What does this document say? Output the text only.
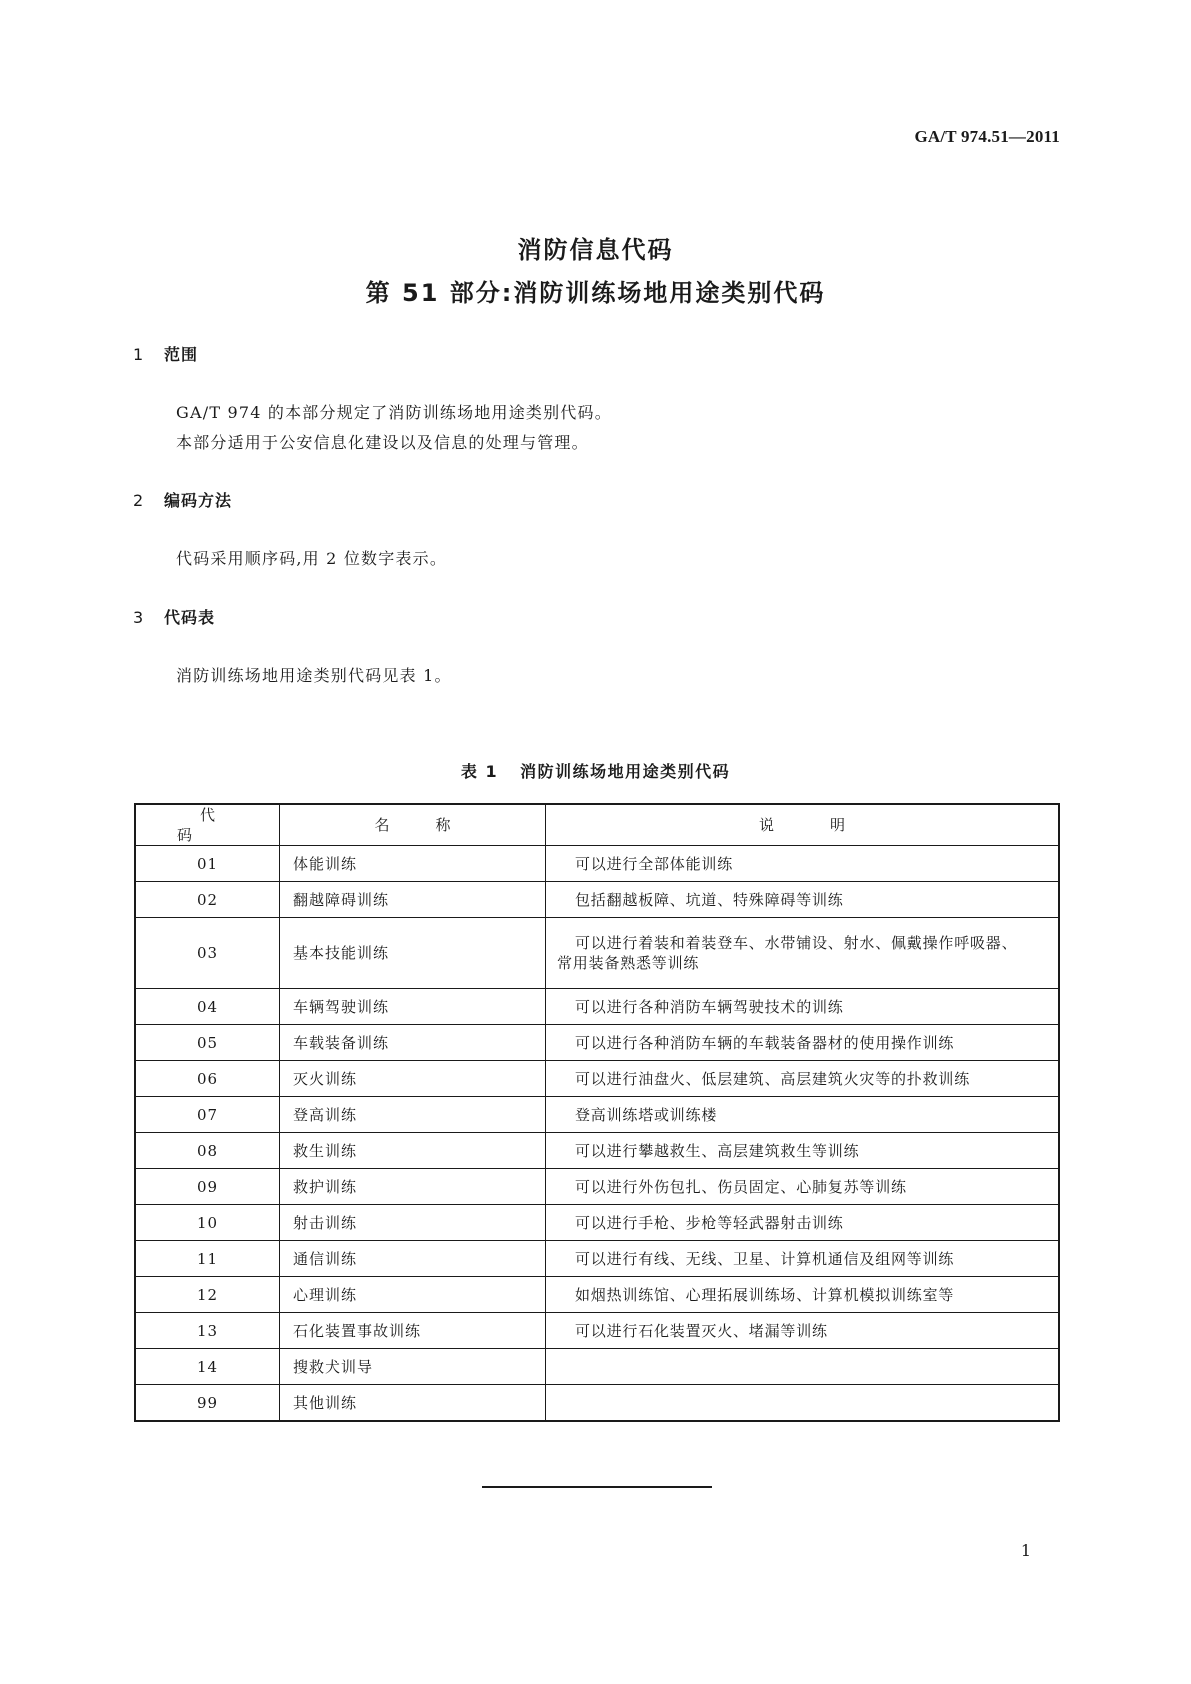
GA/T 974.51—2011
消防信息代码
第 51 部分:消防训练场地用途类别代码
1 范围
GA/T 974 的本部分规定了消防训练场地用途类别代码。
本部分适用于公安信息化建设以及信息的处理与管理。
2 编码方法
代码采用顺序码,用 2 位数字表示。
3 代码表
消防训练场地用途类别代码见表 1。
表 1 消防训练场地用途类别代码
代码	名称	说明
01	体能训练	可以进行全部体能训练

02	翻越障碍训练	包括翻越板障、坑道、特殊障碍等训练

03	基本技能训练	可以进行着装和着装登车、水带铺设、射水、佩戴操作呼吸器、
常用装备熟悉等训练

04	车辆驾驶训练	可以进行各种消防车辆驾驶技术的训练

05	车载装备训练	可以进行各种消防车辆的车载装备器材的使用操作训练

06	灭火训练	可以进行油盘火、低层建筑、高层建筑火灾等的扑救训练

07	登高训练	登高训练塔或训练楼

08	救生训练	可以进行攀越救生、高层建筑救生等训练

09	救护训练	可以进行外伤包扎、伤员固定、心肺复苏等训练

10	射击训练	可以进行手枪、步枪等轻武器射击训练

11	通信训练	可以进行有线、无线、卫星、计算机通信及组网等训练

12	心理训练	如烟热训练馆、心理拓展训练场、计算机模拟训练室等

13	石化装置事故训练	可以进行石化装置灭火、堵漏等训练

14	搜救犬训导	

99	其他训练	
1
